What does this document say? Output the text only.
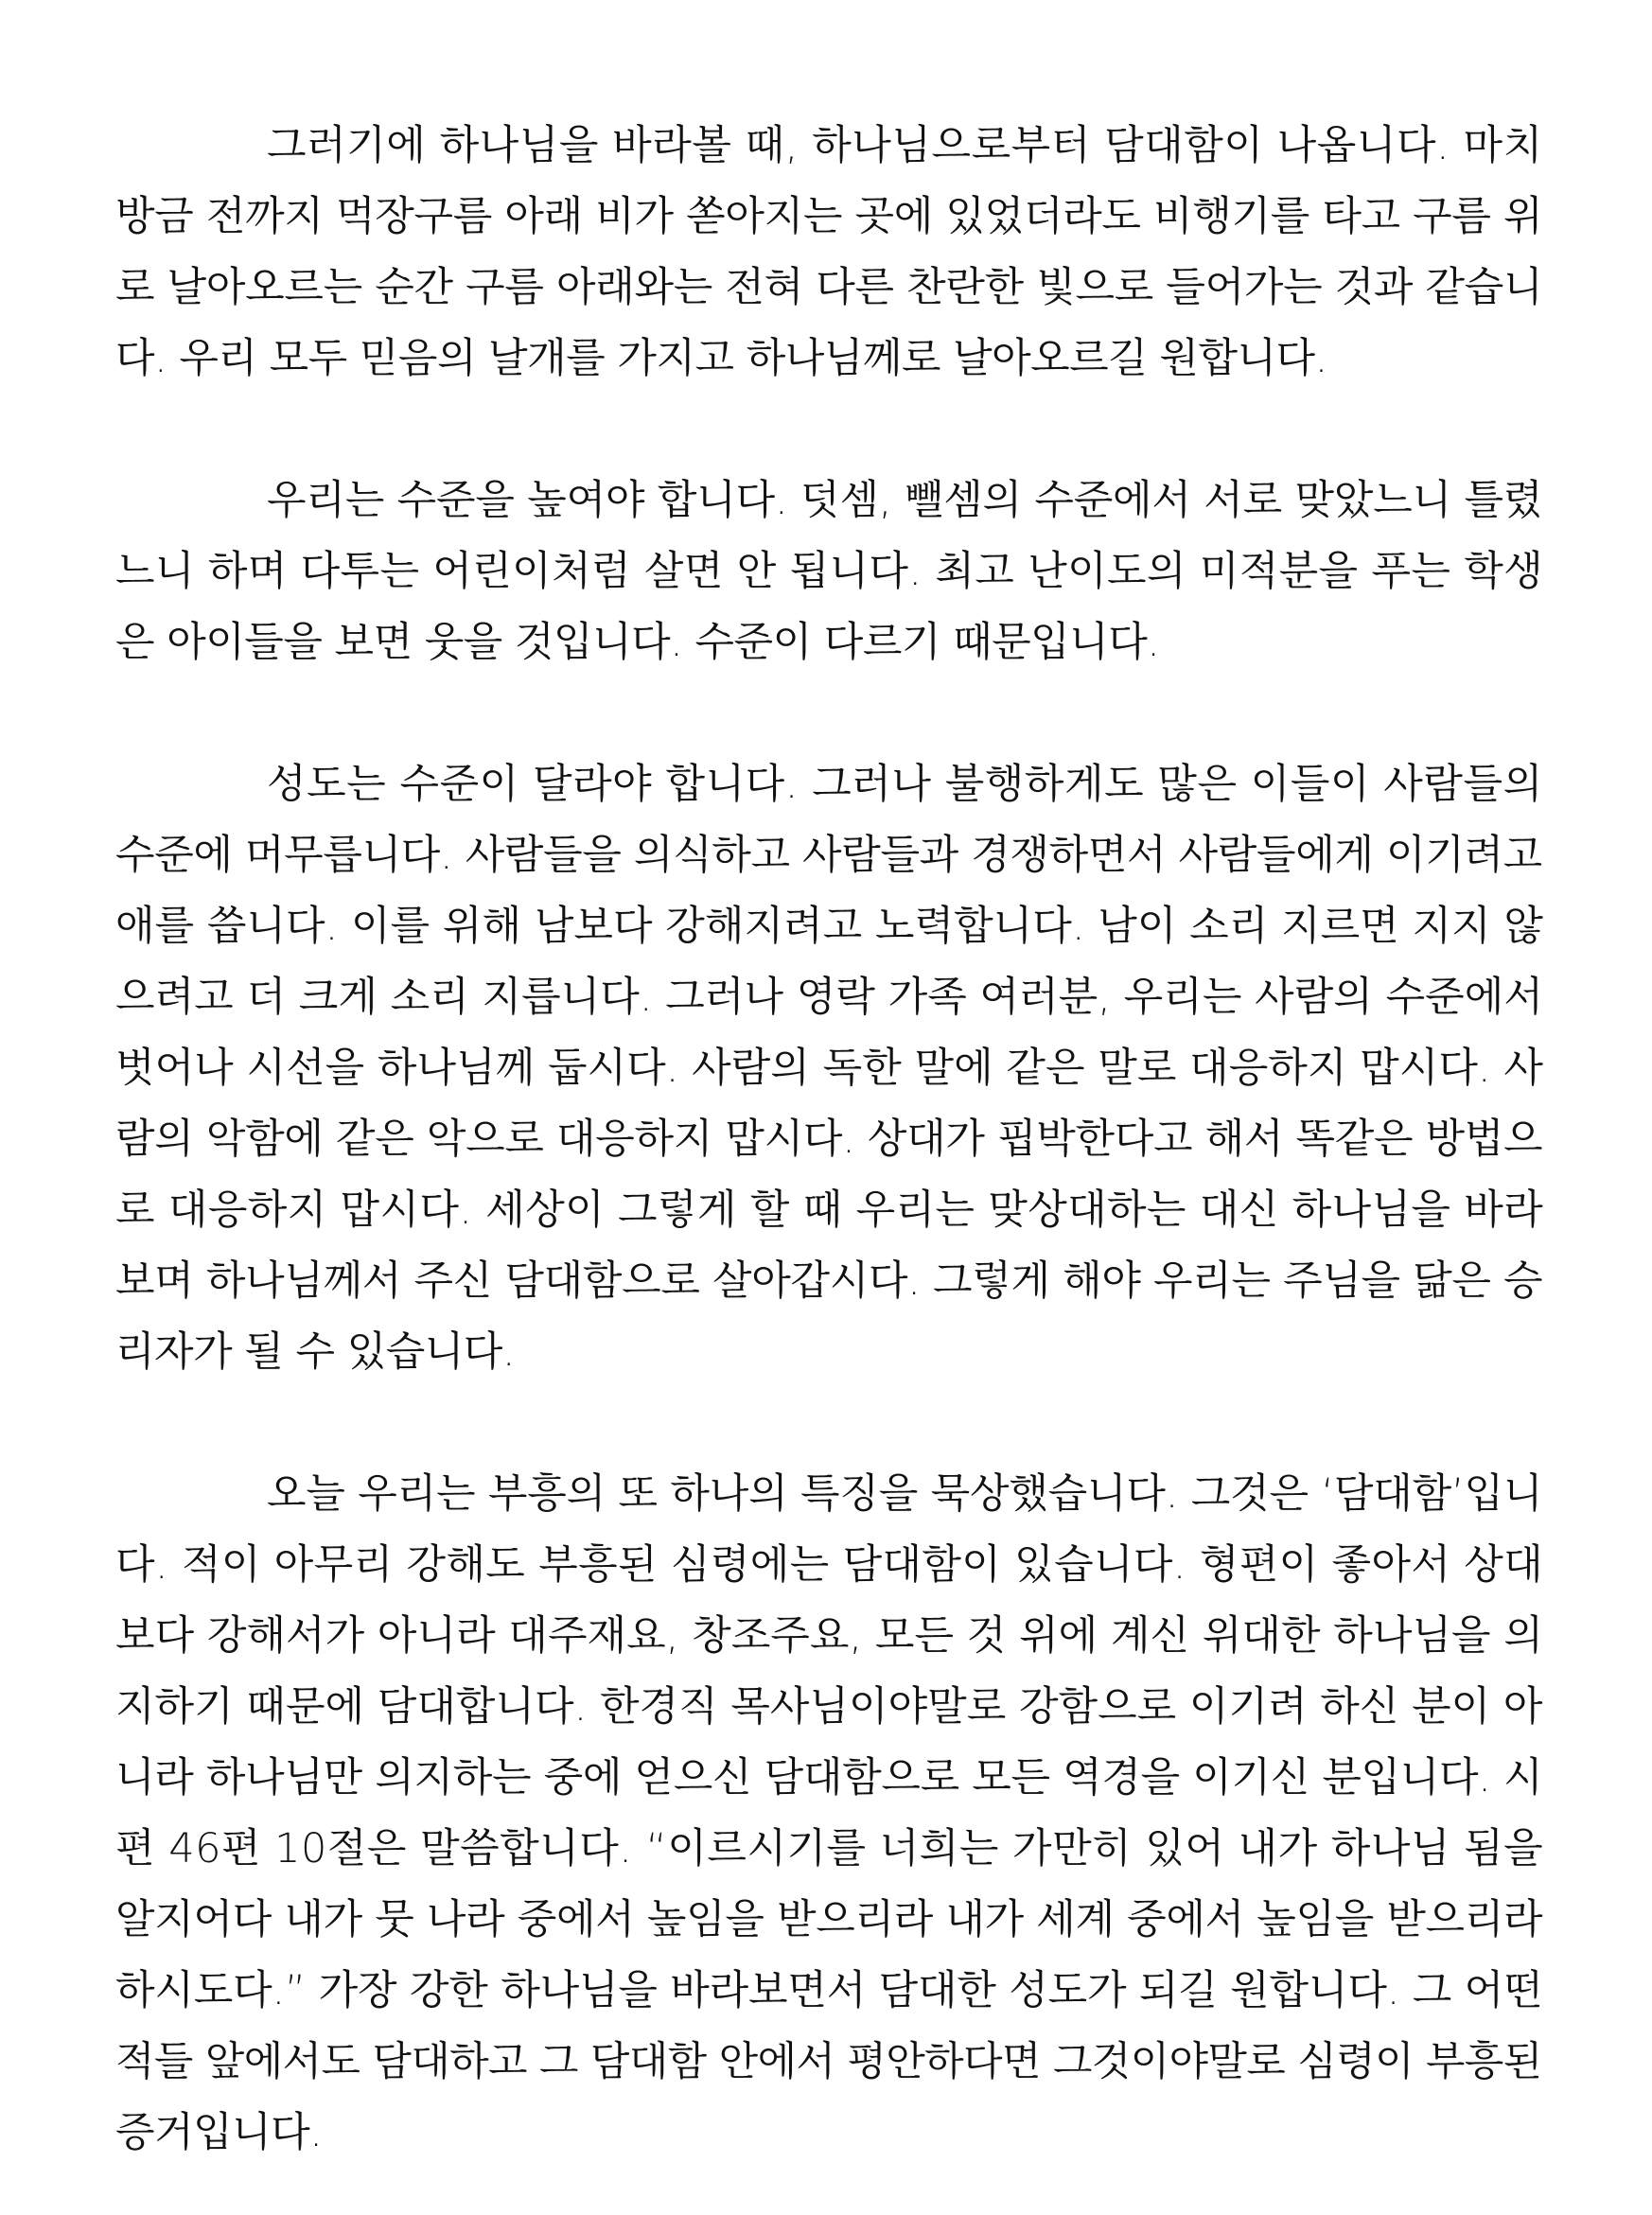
그러기에 하나님을 바라볼 때, 하나님으로부터 담대함이 나옵니다. 마치
방금 전까지 먹장구름 아래 비가 쏟아지는 곳에 있었더라도 비행기를 타고 구름 위
로 날아오르는 순간 구름 아래와는 전혀 다른 찬란한 빛으로 들어가는 것과 같습니
다. 우리 모두 믿음의 날개를 가지고 하나님께로 날아오르길 원합니다.

우리는 수준을 높여야 합니다. 덧셈, 뺄셈의 수준에서 서로 맞았느니 틀렸
느니 하며 다투는 어린이처럼 살면 안 됩니다. 최고 난이도의 미적분을 푸는 학생
은 아이들을 보면 웃을 것입니다. 수준이 다르기 때문입니다.

성도는 수준이 달라야 합니다. 그러나 불행하게도 많은 이들이 사람들의
수준에 머무릅니다. 사람들을 의식하고 사람들과 경쟁하면서 사람들에게 이기려고
애를 씁니다. 이를 위해 남보다 강해지려고 노력합니다. 남이 소리 지르면 지지 않
으려고 더 크게 소리 지릅니다. 그러나 영락 가족 여러분, 우리는 사람의 수준에서
벗어나 시선을 하나님께 둡시다. 사람의 독한 말에 같은 말로 대응하지 맙시다. 사
람의 악함에 같은 악으로 대응하지 맙시다. 상대가 핍박한다고 해서 똑같은 방법으
로 대응하지 맙시다. 세상이 그렇게 할 때 우리는 맞상대하는 대신 하나님을 바라
보며 하나님께서 주신 담대함으로 살아갑시다. 그렇게 해야 우리는 주님을 닮은 승
리자가 될 수 있습니다.

오늘 우리는 부흥의 또 하나의 특징을 묵상했습니다. 그것은 ‘담대함’입니
다. 적이 아무리 강해도 부흥된 심령에는 담대함이 있습니다. 형편이 좋아서 상대
보다 강해서가 아니라 대주재요, 창조주요, 모든 것 위에 계신 위대한 하나님을 의
지하기 때문에 담대합니다. 한경직 목사님이야말로 강함으로 이기려 하신 분이 아
니라 하나님만 의지하는 중에 얻으신 담대함으로 모든 역경을 이기신 분입니다. 시
편 46편 10절은 말씀합니다. “이르시기를 너희는 가만히 있어 내가 하나님 됨을
알지어다 내가 뭇 나라 중에서 높임을 받으리라 내가 세계 중에서 높임을 받으리라
하시도다.” 가장 강한 하나님을 바라보면서 담대한 성도가 되길 원합니다. 그 어떤
적들 앞에서도 담대하고 그 담대함 안에서 평안하다면 그것이야말로 심령이 부흥된
증거입니다.
